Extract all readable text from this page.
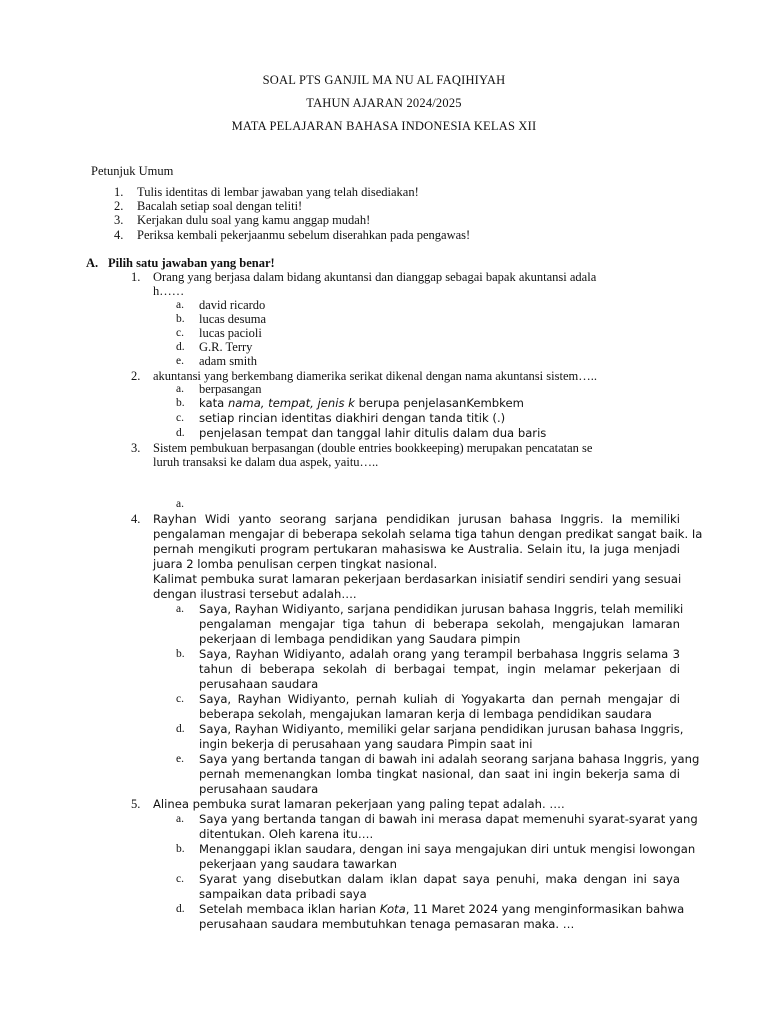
SOAL PTS GANJIL MA NU AL FAQIHIYAH
TAHUN AJARAN 2024/2025
MATA PELAJARAN BAHASA INDONESIA KELAS XII
Petunjuk Umum
1. Tulis identitas di lembar jawaban yang telah disediakan!
2. Bacalah setiap soal dengan teliti!
3. Kerjakan dulu soal yang kamu anggap mudah!
4. Periksa kembali pekerjaanmu sebelum diserahkan pada pengawas!
A. Pilih satu jawaban yang benar!
1. Orang yang berjasa dalam bidang akuntansi dan dianggap sebagai bapak akuntansi adala
h……
a. david ricardo
b. lucas desuma
c. lucas pacioli
d. G.R. Terry
e. adam smith
2. akuntansi yang berkembang diamerika serikat dikenal dengan nama akuntansi sistem…..
a. berpasangan
b. kata nama, tempat, jenis k berupa penjelasanKembkem
c. setiap rincian identitas diakhiri dengan tanda titik (.)
d. penjelasan tempat dan tanggal lahir ditulis dalam dua baris
3. Sistem pembukuan berpasangan (double entries bookkeeping) merupakan pencatatan se
luruh transaksi ke dalam dua aspek, yaitu…..
a.
4. Rayhan Widi yanto seorang sarjana pendidikan jurusan bahasa Inggris. Ia memiliki
pengalaman mengajar di beberapa sekolah selama tiga tahun dengan predikat sangat baik. Ia
pernah mengikuti program pertukaran mahasiswa ke Australia. Selain itu, Ia juga menjadi
juara 2 lomba penulisan cerpen tingkat nasional.
Kalimat pembuka surat lamaran pekerjaan berdasarkan inisiatif sendiri sendiri yang sesuai
dengan ilustrasi tersebut adalah….
a. Saya, Rayhan Widiyanto, sarjana pendidikan jurusan bahasa Inggris, telah memiliki
pengalaman mengajar tiga tahun di beberapa sekolah, mengajukan lamaran
pekerjaan di lembaga pendidikan yang Saudara pimpin
b. Saya, Rayhan Widiyanto, adalah orang yang terampil berbahasa Inggris selama 3
tahun di beberapa sekolah di berbagai tempat, ingin melamar pekerjaan di
perusahaan saudara
c. Saya, Rayhan Widiyanto, pernah kuliah di Yogyakarta dan pernah mengajar di
beberapa sekolah, mengajukan lamaran kerja di lembaga pendidikan saudara
d. Saya, Rayhan Widiyanto, memiliki gelar sarjana pendidikan jurusan bahasa Inggris,
ingin bekerja di perusahaan yang saudara Pimpin saat ini
e. Saya yang bertanda tangan di bawah ini adalah seorang sarjana bahasa Inggris, yang
pernah memenangkan lomba tingkat nasional, dan saat ini ingin bekerja sama di
perusahaan saudara
5. Alinea pembuka surat lamaran pekerjaan yang paling tepat adalah. ….
a. Saya yang bertanda tangan di bawah ini merasa dapat memenuhi syarat-syarat yang
ditentukan. Oleh karena itu….
b. Menanggapi iklan saudara, dengan ini saya mengajukan diri untuk mengisi lowongan
pekerjaan yang saudara tawarkan
c. Syarat yang disebutkan dalam iklan dapat saya penuhi, maka dengan ini saya
sampaikan data pribadi saya
d. Setelah membaca iklan harian Kota, 11 Maret 2024 yang menginformasikan bahwa
perusahaan saudara membutuhkan tenaga pemasaran maka. …
